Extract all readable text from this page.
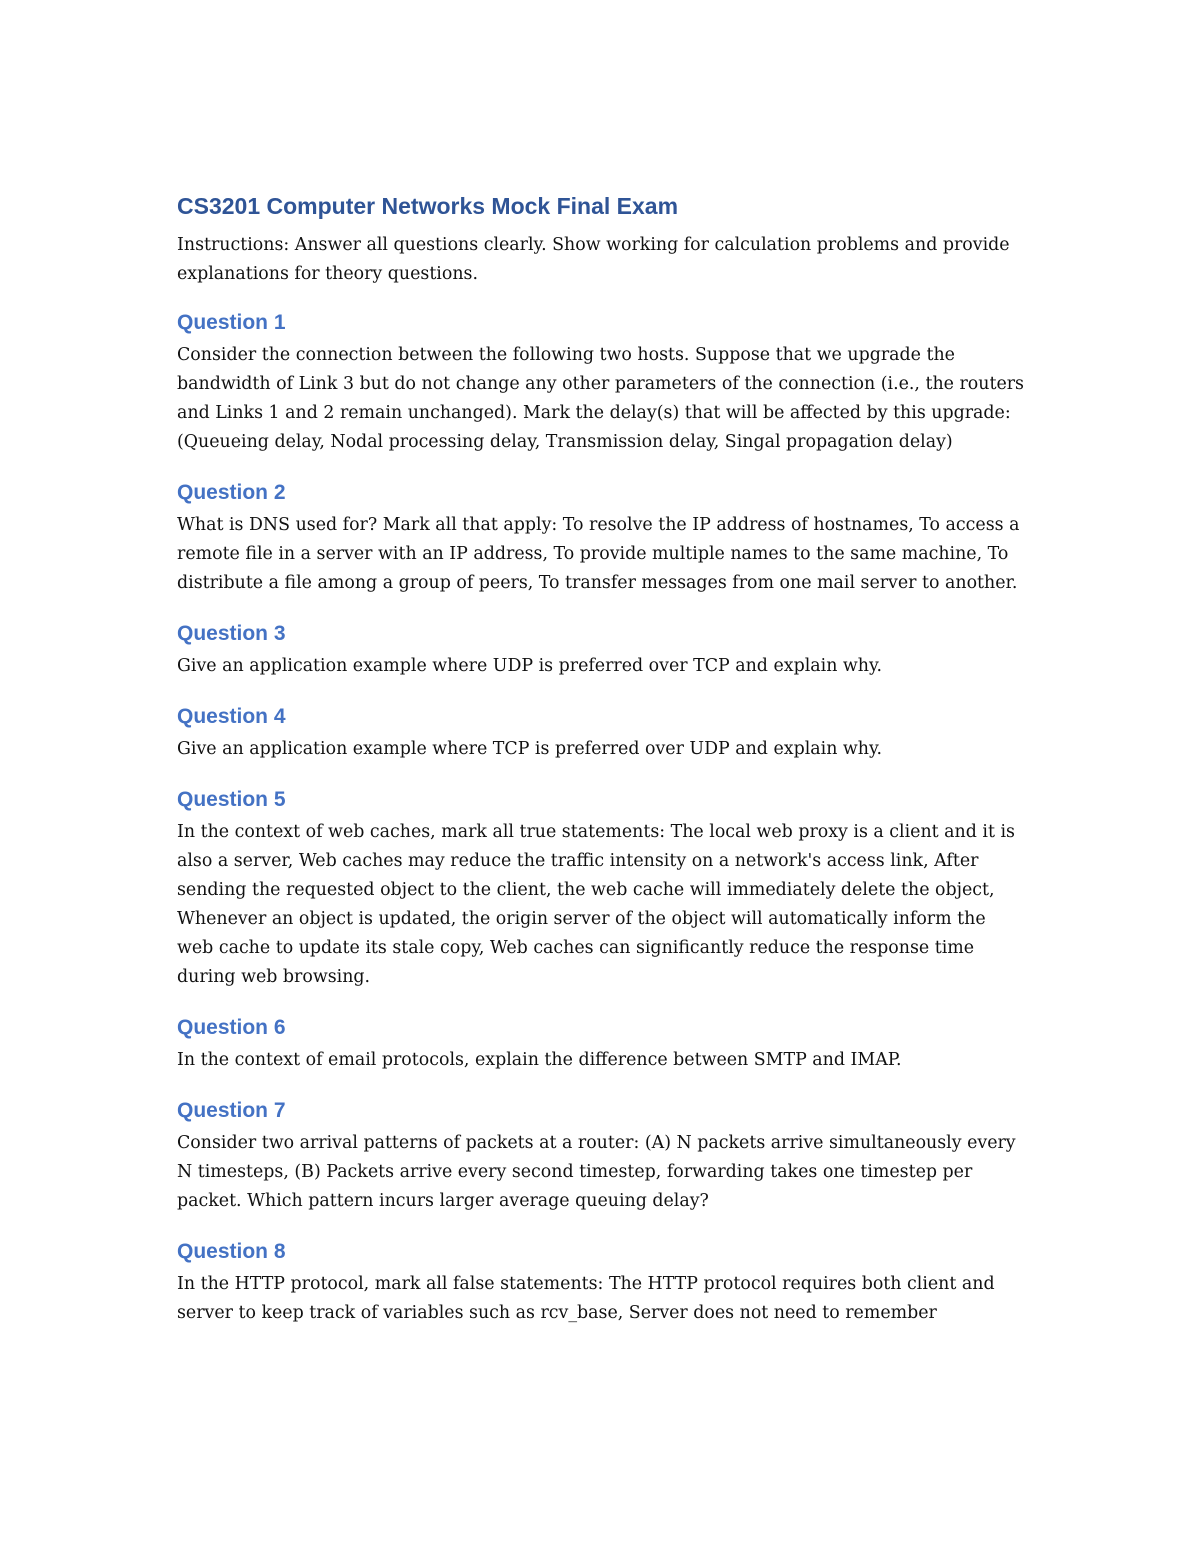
CS3201 Computer Networks Mock Final Exam

Instructions: Answer all questions clearly. Show working for calculation problems and provide explanations for theory questions.

Question 1

Consider the connection between the following two hosts. Suppose that we upgrade the bandwidth of Link 3 but do not change any other parameters of the connection (i.e., the routers and Links 1 and 2 remain unchanged). Mark the delay(s) that will be affected by this upgrade: (Queueing delay, Nodal processing delay, Transmission delay, Singal propagation delay)

Question 2

What is DNS used for? Mark all that apply: To resolve the IP address of hostnames, To access a remote file in a server with an IP address, To provide multiple names to the same machine, To distribute a file among a group of peers, To transfer messages from one mail server to another.

Question 3

Give an application example where UDP is preferred over TCP and explain why.

Question 4

Give an application example where TCP is preferred over UDP and explain why.

Question 5

In the context of web caches, mark all true statements: The local web proxy is a client and it is also a server, Web caches may reduce the traffic intensity on a network's access link, After sending the requested object to the client, the web cache will immediately delete the object, Whenever an object is updated, the origin server of the object will automatically inform the web cache to update its stale copy, Web caches can significantly reduce the response time during web browsing.

Question 6

In the context of email protocols, explain the difference between SMTP and IMAP.

Question 7

Consider two arrival patterns of packets at a router: (A) N packets arrive simultaneously every N timesteps, (B) Packets arrive every second timestep, forwarding takes one timestep per packet. Which pattern incurs larger average queuing delay?

Question 8

In the HTTP protocol, mark all false statements: The HTTP protocol requires both client and server to keep track of variables such as rcv_base, Server does not need to remember
